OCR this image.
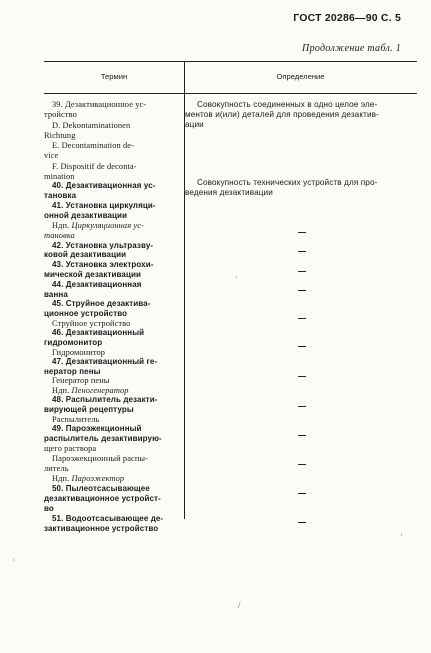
ГОСТ 20286—90 С. 5
Продолжение табл. 1
Термин	Определение
39. Дезактивационное ус-
тройство
D. Dekontaminationen
Richtung
E. Decontamination de-
vice
F. Dispositif de deconta-
mination
40. Дезактивационная ус-
тановка
41. Установка циркуляци-
онной дезактивации
Ндп. Циркуляционная ус-
тановка
42. Установка ультразву-
ковой дезактивации
43. Установка электрохи-
мической дезактивации
44. Дезактивационная
ванна
45. Струйное дезактива-
ционное устройство
Струйное устройство
46. Дезактивационный
гидромонитор
Гидромонитор
47. Дезактивационный ге-
нератор пены
Генератор пены
Ндп. Пеногенератор
48. Распылитель дезакти-
вирующей рецептуры
Распылитель
49. Пароэжекционный
распылитель дезактивирую-
щего раствора
Пароэжекционный распы-
литель
Ндп. Пароэжектор
50. Пылеотсасывающее
дезактивационное устройст-
во
51. Водоотсасывающее де-
зактивационное устройство
Совокупность соединенных в одно целое эле-
ментов и(или) деталей для проведения дезактив-
ации
Совокупность технических устройств для про-
ведения дезактивации
·
/
·
·
